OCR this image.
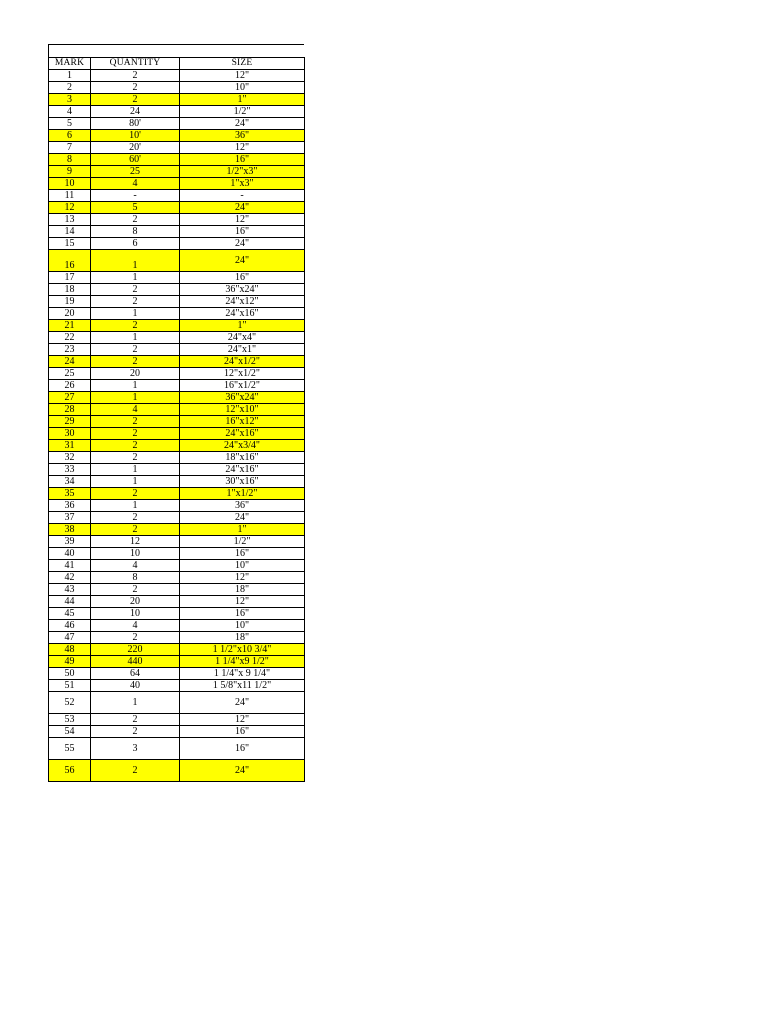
MARK	QUANTITY	SIZE
1	2	12"
2	2	10"
3	2	1"
4	24	1/2"
5	80'	24"
6	10'	36"
7	20'	12"
8	60'	16"
9	25	1/2"x3"
10	4	1"x3"
11	-	-
12	5	24"
13	2	12"
14	8	16"
15	6	24"
16	1	24"
17	1	16"
18	2	36"x24"
19	2	24"x12"
20	1	24"x16"
21	2	1"
22	1	24"x4"
23	2	24"x1"
24	2	24"x1/2"
25	20	12"x1/2"
26	1	16"x1/2"
27	1	36"x24"
28	4	12"x10"
29	2	16"x12"
30	2	24"x16"
31	2	24"x3/4"
32	2	18"x16"
33	1	24"x16"
34	1	30"x16"
35	2	1"x1/2"
36	1	36"
37	2	24"
38	2	1"
39	12	1/2"
40	10	16"
41	4	10"
42	8	12"
43	2	18"
44	20	12"
45	10	16"
46	4	10"
47	2	18"
48	220	1 1/2"x10 3/4"
49	440	1 1/4"x9 1/2"
50	64	1 1/4"x 9 1/4"
51	40	1 5/8"x11 1/2"
52	1	24"
53	2	12"
54	2	16"
55	3	16"
56	2	24"
